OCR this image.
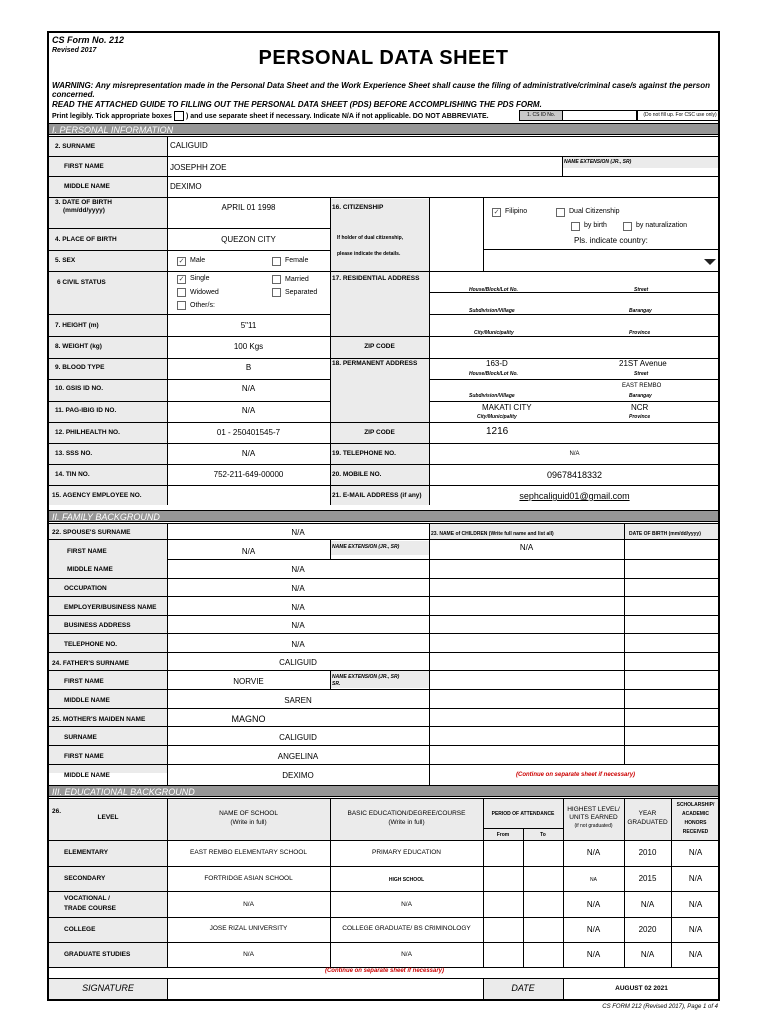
CS Form No. 212
Revised 2017	PERSONAL DATA SHEET
WARNING: Any misrepresentation made in the Personal Data Sheet and the Work Experience Sheet shall cause the filing of administrative/criminal case/s against the person concerned.
READ THE ATTACHED GUIDE TO FILLING OUT THE PERSONAL DATA SHEET (PDS) BEFORE ACCOMPLISHING THE PDS FORM.
Print legibly. Tick appropriate boxes ) and use separate sheet if necessary. Indicate N/A if not applicable. DO NOT ABBREVIATE.	1. CS ID No.	(Do not fill up. For CSC use only)
I. PERSONAL INFORMATION
2. SURNAME	CALIGUID
FIRST NAME	JOSEPHH ZOE
NAME EXTENSION (JR., SR)
MIDDLE NAME	DEXIMO
3. DATE OF BIRTH
(mm/dd/yyyy)	APRIL 01 1998	16. CITIZENSHIP
✓ Filipino	Dual Citizenship
by birth	by naturalization
If holder of dual citizenship,
please indicate the details.
Pls. indicate country:
4. PLACE OF BIRTH	QUEZON CITY
5. SEX	✓ Male	Female
6 CIVIL STATUS	✓ Single	Married
Widowed	Separated
Other/s:
17. RESIDENTIAL ADDRESS
House/Block/Lot No.	Street
Subdivision/Village	Barangay
City/Municipality	Province
ZIP CODE
7. HEIGHT (m)	5"11
8. WEIGHT (kg)	100 Kgs
9. BLOOD TYPE	B
10. GSIS ID NO.	N/A
11. PAG-IBIG ID NO.	N/A
12. PHILHEALTH NO.	01 - 250401545-7
18. PERMANENT ADDRESS	163-D	21ST Avenue
House/Block/Lot No.	Street
EAST REMBO
Subdivision/Village	Barangay
MAKATI CITY	NCR
City/Municipality	Province
ZIP CODE	1216
13. SSS NO.	N/A	19. TELEPHONE NO.	N/A
14. TIN NO.	752-211-649-00000	20. MOBILE NO.	09678418332
15. AGENCY EMPLOYEE NO.	21. E-MAIL ADDRESS (if any)	sephcaliguid01@gmail.com
II. FAMILY BACKGROUND
22. SPOUSE'S SURNAME	N/A
FIRST NAME	N/A	NAME EXTENSION (JR., SR)
MIDDLE NAME	N/A
OCCUPATION	N/A
EMPLOYER/BUSINESS NAME	N/A
BUSINESS ADDRESS	N/A
TELEPHONE NO.	N/A
23. NAME of CHILDREN (Write full name and list all)	DATE OF BIRTH (mm/dd/yyyy)
N/A
24. FATHER'S SURNAME	CALIGUID
FIRST NAME	NORVIE	NAME EXTENSION (JR., SR)
SR.
MIDDLE NAME	SAREN
25. MOTHER'S MAIDEN NAME	MAGNO
SURNAME	CALIGUID
FIRST NAME	ANGELINA
MIDDLE NAME	DEXIMO	(Continue on separate sheet if necessary)
III. EDUCATIONAL BACKGROUND
26.
LEVEL
NAME OF SCHOOL
(Write in full)
BASIC EDUCATION/DEGREE/COURSE
(Write in full)
PERIOD OF ATTENDANCE
From	To
HIGHEST LEVEL/
UNITS EARNED
(if not graduated)
YEAR
GRADUATED
SCHOLARSHIP/
ACADEMIC
HONORS
RECEIVED
ELEMENTARY	EAST REMBO ELEMENTARY SCHOOL	PRIMARY EDUCATION	N/A	2010	N/A
SECONDARY	FORTRIDGE ASIAN SCHOOL	HIGH SCHOOL	NA	2015	N/A
VOCATIONAL /
TRADE COURSE
N/A	N/A	N/A	N/A	N/A
COLLEGE	JOSE RIZAL UNIVERSITY	COLLEGE GRADUATE/ BS CRIMINOLOGY	N/A	2020	N/A
GRADUATE STUDIES	N/A	N/A	N/A	N/A	N/A
(Continue on separate sheet if necessary)
SIGNATURE	DATE	AUGUST 02 2021
CS FORM 212 (Revised 2017), Page 1 of 4
